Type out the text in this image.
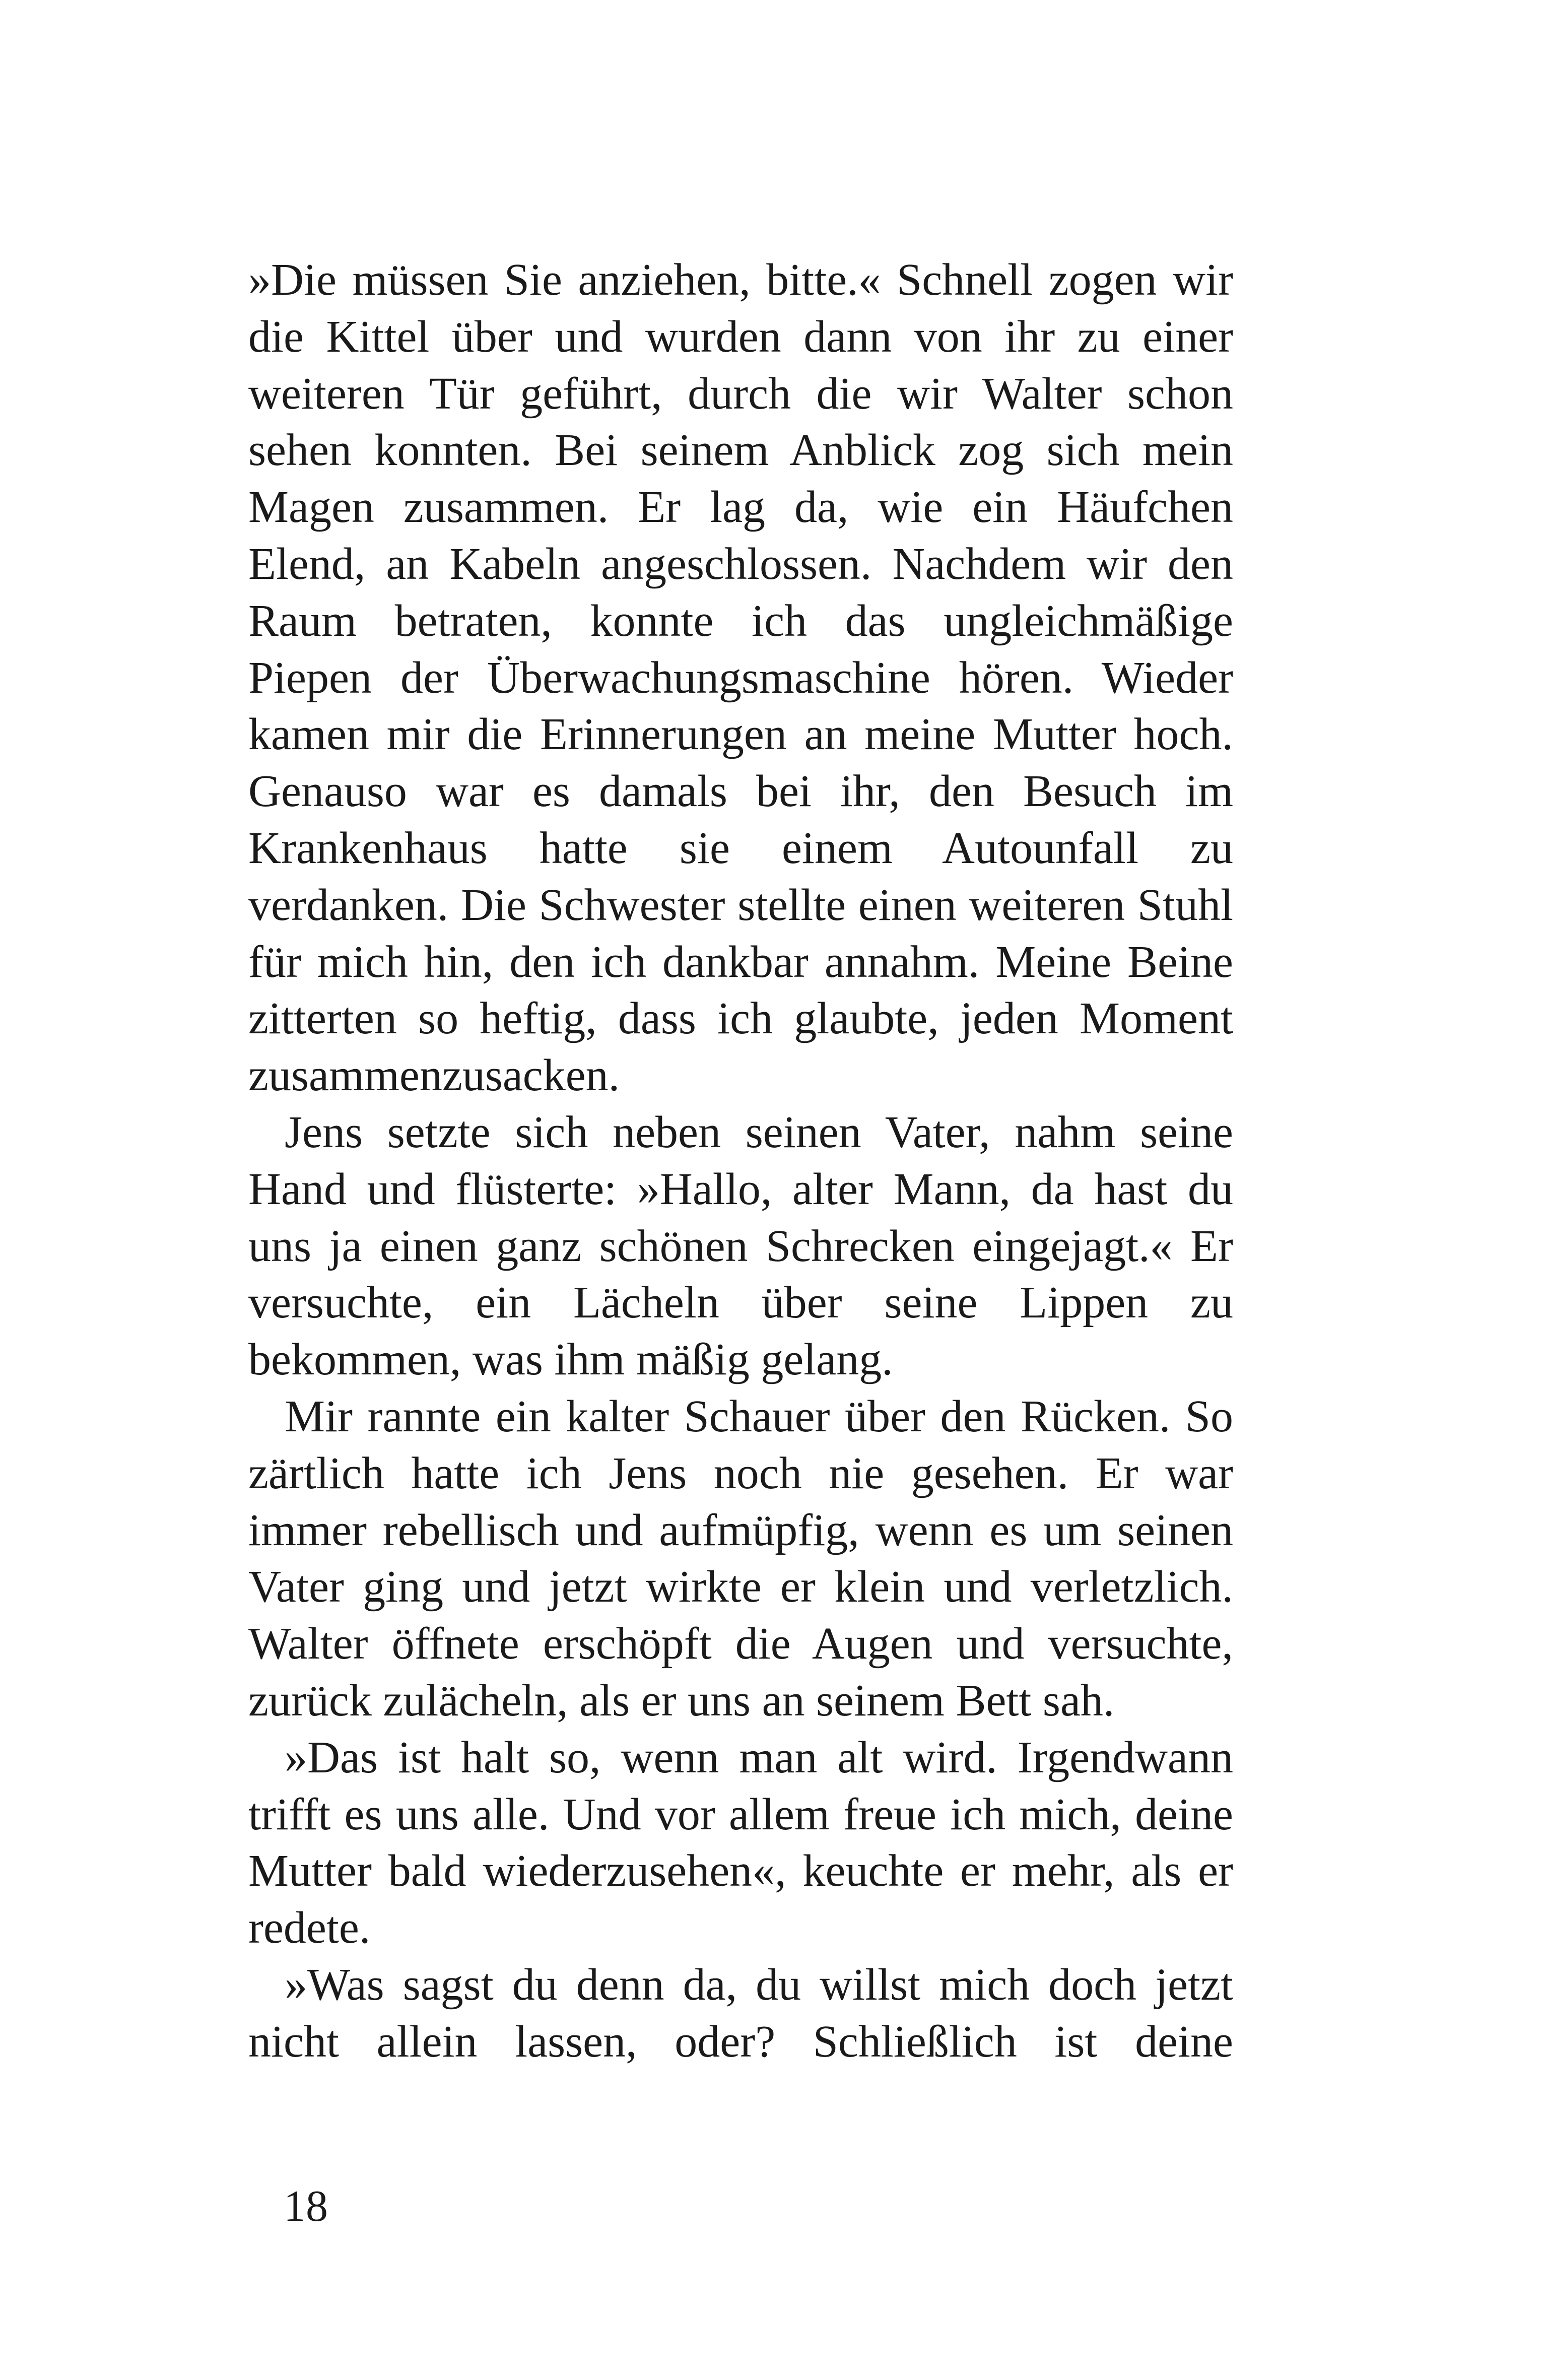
»Die müssen Sie anziehen, bitte.« Schnell zogen wir die Kittel über und wurden dann von ihr zu einer weiteren Tür geführt, durch die wir Walter schon sehen konnten. Bei seinem Anblick zog sich mein Magen zusammen. Er lag da, wie ein Häufchen Elend, an Kabeln angeschlossen. Nachdem wir den Raum betraten, konnte ich das ungleichmäßige Piepen der Überwachungsmaschine hören. Wieder kamen mir die Erinnerungen an meine Mutter hoch. Genauso war es damals bei ihr, den Besuch im Krankenhaus hatte sie einem Autounfall zu verdanken. Die Schwester stellte einen weiteren Stuhl für mich hin, den ich dankbar annahm. Meine Beine zitterten so heftig, dass ich glaubte, jeden Moment zusammenzusacken.

Jens setzte sich neben seinen Vater, nahm seine Hand und flüsterte: »Hallo, alter Mann, da hast du uns ja einen ganz schönen Schrecken eingejagt.« Er versuchte, ein Lächeln über seine Lippen zu bekommen, was ihm mäßig gelang.

Mir rannte ein kalter Schauer über den Rücken. So zärtlich hatte ich Jens noch nie gesehen. Er war immer rebellisch und aufmüpfig, wenn es um seinen Vater ging und jetzt wirkte er klein und verletzlich. Walter öffnete erschöpft die Augen und versuchte, zurück zulächeln, als er uns an seinem Bett sah.

»Das ist halt so, wenn man alt wird. Irgendwann trifft es uns alle. Und vor allem freue ich mich, deine Mutter bald wiederzusehen«, keuchte er mehr, als er redete.

»Was sagst du denn da, du willst mich doch jetzt nicht allein lassen, oder? Schließlich ist deine

18
